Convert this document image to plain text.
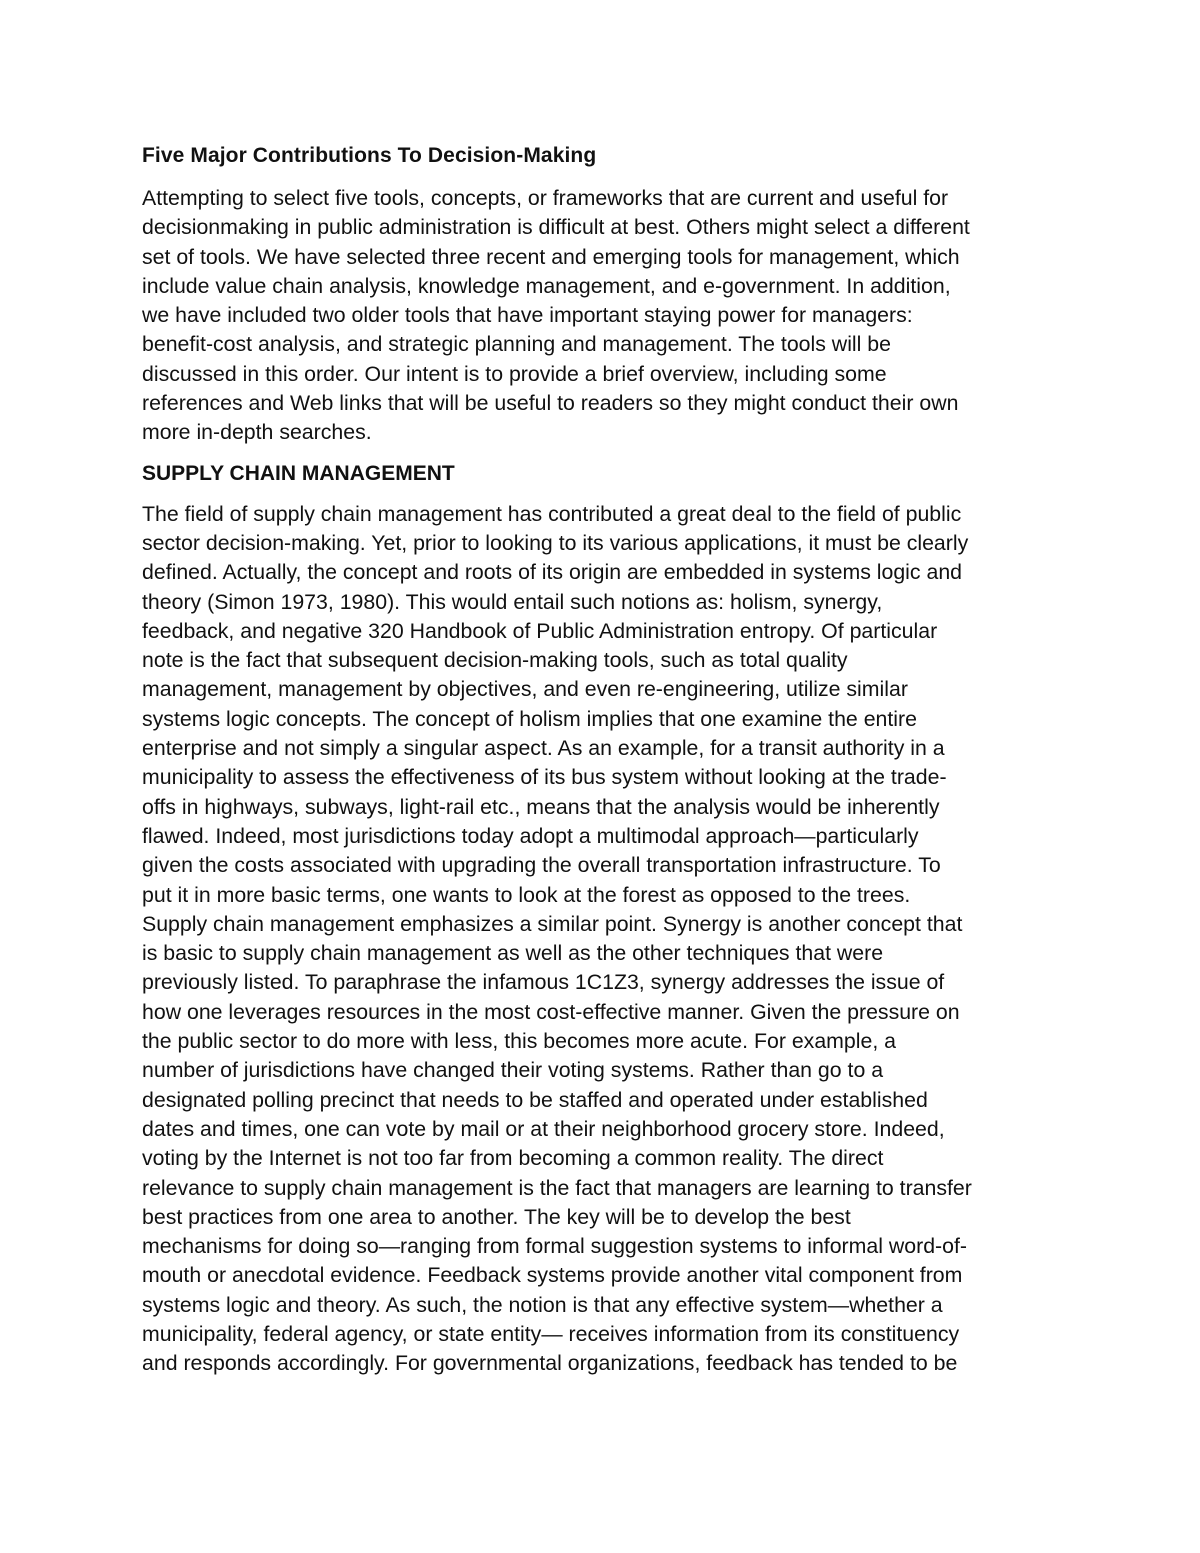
Five Major Contributions To Decision-Making

Attempting to select five tools, concepts, or frameworks that are current and useful for
decisionmaking in public administration is difficult at best. Others might select a different
set of tools. We have selected three recent and emerging tools for management, which
include value chain analysis, knowledge management, and e-government. In addition,
we have included two older tools that have important staying power for managers:
benefit-cost analysis, and strategic planning and management. The tools will be
discussed in this order. Our intent is to provide a brief overview, including some
references and Web links that will be useful to readers so they might conduct their own
more in-depth searches.

SUPPLY CHAIN MANAGEMENT

The field of supply chain management has contributed a great deal to the field of public
sector decision-making. Yet, prior to looking to its various applications, it must be clearly
defined. Actually, the concept and roots of its origin are embedded in systems logic and
theory (Simon 1973, 1980). This would entail such notions as: holism, synergy,
feedback, and negative 320 Handbook of Public Administration entropy. Of particular
note is the fact that subsequent decision-making tools, such as total quality
management, management by objectives, and even re-engineering, utilize similar
systems logic concepts. The concept of holism implies that one examine the entire
enterprise and not simply a singular aspect. As an example, for a transit authority in a
municipality to assess the effectiveness of its bus system without looking at the trade-
offs in highways, subways, light-rail etc., means that the analysis would be inherently
flawed. Indeed, most jurisdictions today adopt a multimodal approach—particularly
given the costs associated with upgrading the overall transportation infrastructure. To
put it in more basic terms, one wants to look at the forest as opposed to the trees.
Supply chain management emphasizes a similar point. Synergy is another concept that
is basic to supply chain management as well as the other techniques that were
previously listed. To paraphrase the infamous 1C1Z3, synergy addresses the issue of
how one leverages resources in the most cost-effective manner. Given the pressure on
the public sector to do more with less, this becomes more acute. For example, a
number of jurisdictions have changed their voting systems. Rather than go to a
designated polling precinct that needs to be staffed and operated under established
dates and times, one can vote by mail or at their neighborhood grocery store. Indeed,
voting by the Internet is not too far from becoming a common reality. The direct
relevance to supply chain management is the fact that managers are learning to transfer
best practices from one area to another. The key will be to develop the best
mechanisms for doing so—ranging from formal suggestion systems to informal word-of-
mouth or anecdotal evidence. Feedback systems provide another vital component from
systems logic and theory. As such, the notion is that any effective system—whether a
municipality, federal agency, or state entity— receives information from its constituency
and responds accordingly. For governmental organizations, feedback has tended to be
